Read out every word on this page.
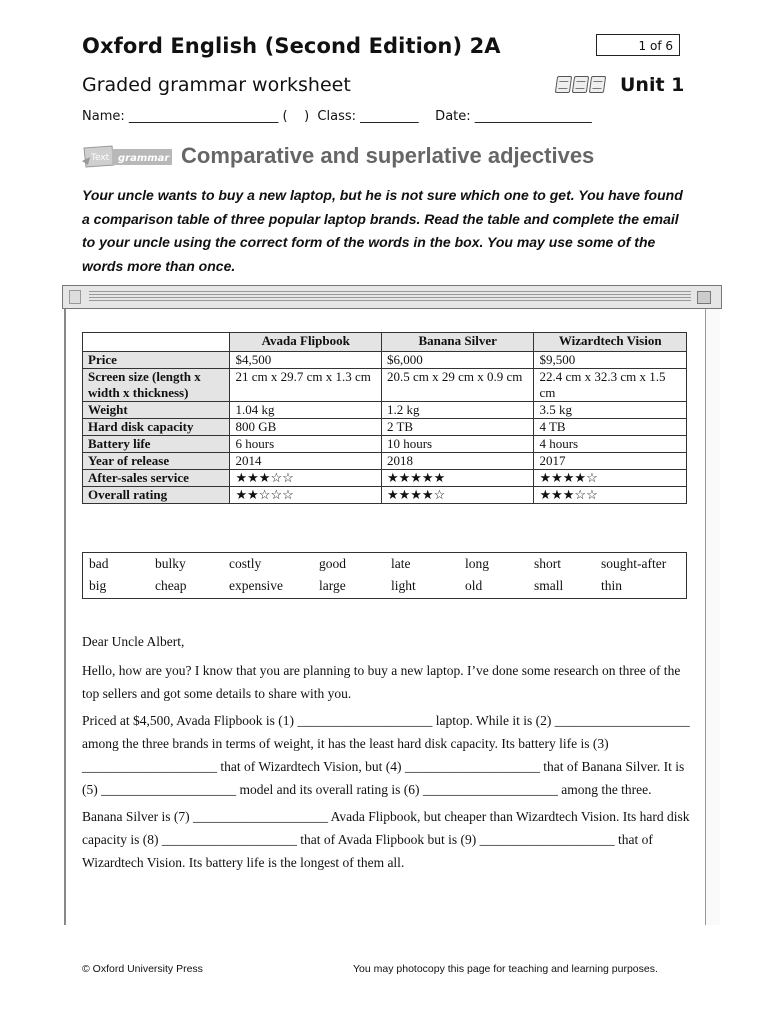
Oxford English (Second Edition) 2A	1 of 6
Graded grammar worksheet	Unit 1
Name: _______________________ (    )  Class: _________    Date: __________________
Text grammar Comparative and superlative adjectives
Your uncle wants to buy a new laptop, but he is not sure which one to get. You have found a comparison table of three popular laptop brands. Read the table and complete the email to your uncle using the correct form of the words in the box. You may use some of the words more than once.
	Avada Flipbook	Banana Silver	Wizardtech Vision
Price	$4,500	$6,000	$9,500
Screen size (length x width x thickness)	21 cm x 29.7 cm x 1.3 cm	20.5 cm x 29 cm x 0.9 cm	22.4 cm x 32.3 cm x 1.5 cm
Weight	1.04 kg	1.2 kg	3.5 kg
Hard disk capacity	800 GB	2 TB	4 TB
Battery life	6 hours	10 hours	4 hours
Year of release	2014	2018	2017
After-sales service	★★★☆☆	★★★★★	★★★★☆
Overall rating	★★☆☆☆	★★★★☆	★★★☆☆
bad	bulky	costly	good	late	long	short	sought-after
big	cheap	expensive	large	light	old	small	thin

Dear Uncle Albert,

Hello, how are you? I know that you are planning to buy a new laptop. I’ve done some research on three of the top sellers and got some details to share with you.

Priced at $4,500, Avada Flipbook is (1) ____________________ laptop. While it is (2) ____________________ among the three brands in terms of weight, it has the least hard disk capacity. Its battery life is (3) ____________________ that of Wizardtech Vision, but (4) ____________________ that of Banana Silver. It is (5) ____________________ model and its overall rating is (6) ____________________ among the three.

Banana Silver is (7) ____________________ Avada Flipbook, but cheaper than Wizardtech Vision. Its hard disk capacity is (8) ____________________ that of Avada Flipbook but is (9) ____________________ that of Wizardtech Vision. Its battery life is the longest of them all.

© Oxford University Press	You may photocopy this page for teaching and learning purposes.
